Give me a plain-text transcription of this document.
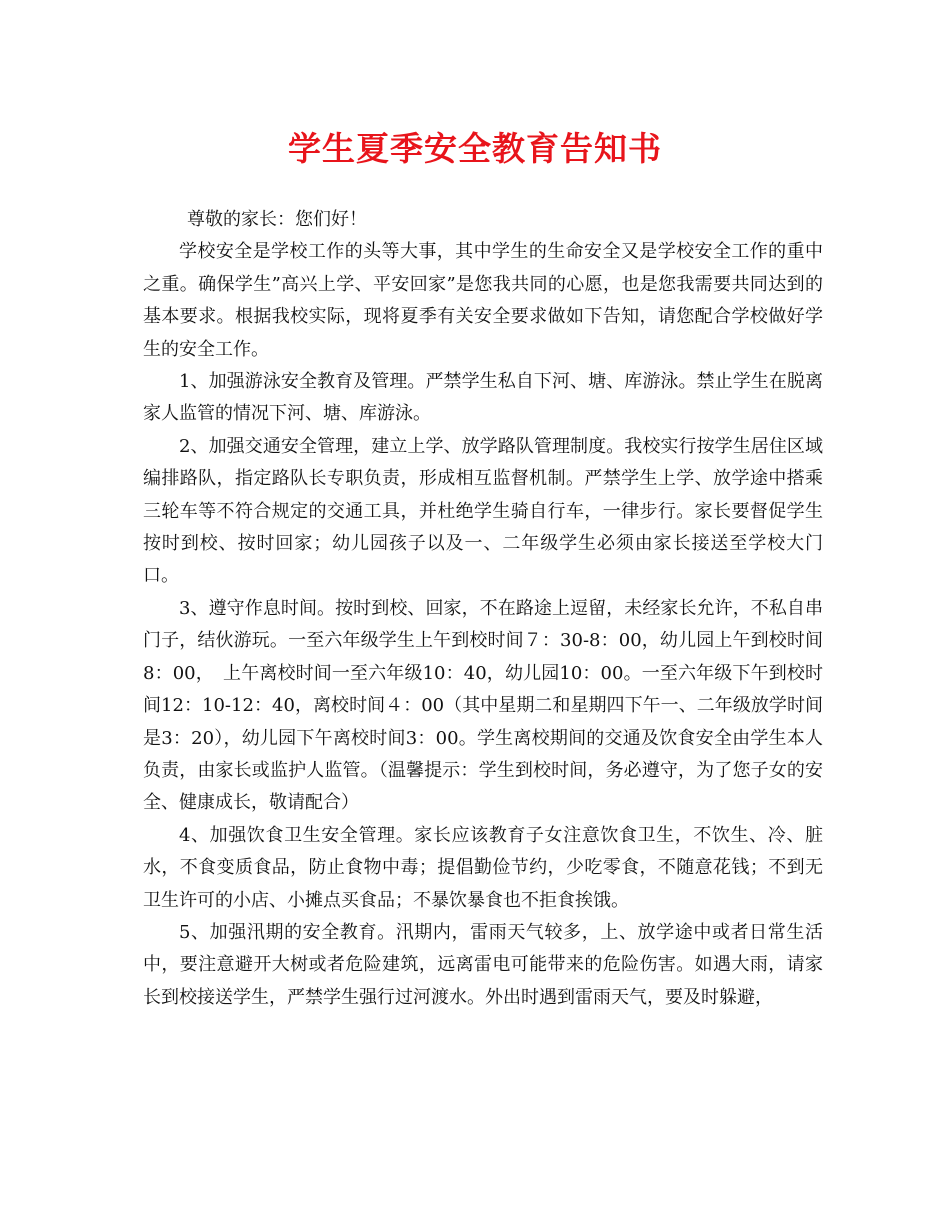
学生夏季安全教育告知书

尊敬的家长：您们好！

学校安全是学校工作的头等大事，其中学生的生命安全又是学校安全工作的重中之重。确保学生”高兴上学、平安回家”是您我共同的心愿，也是您我需要共同达到的基本要求。根据我校实际，现将夏季有关安全要求做如下告知，请您配合学校做好学生的安全工作。

1、加强游泳安全教育及管理。严禁学生私自下河、塘、库游泳。禁止学生在脱离家人监管的情况下河、塘、库游泳。

2、加强交通安全管理，建立上学、放学路队管理制度。我校实行按学生居住区域编排路队，指定路队长专职负责，形成相互监督机制。严禁学生上学、放学途中搭乘三轮车等不符合规定的交通工具，并杜绝学生骑自行车，一律步行。家长要督促学生按时到校、按时回家；幼儿园孩子以及一、二年级学生必须由家长接送至学校大门口。

3、遵守作息时间。按时到校、回家，不在路途上逗留，未经家长允许，不私自串门子，结伙游玩。一至六年级学生上午到校时间７：30-8：00，幼儿园上午到校时间8：00，　上午离校时间一至六年级10：40，幼儿园10：00。一至六年级下午到校时间12：10-12：40，离校时间４：00（其中星期二和星期四下午一、二年级放学时间是3：20），幼儿园下午离校时间3：00。学生离校期间的交通及饮食安全由学生本人负责，由家长或监护人监管。（温馨提示：学生到校时间，务必遵守，为了您子女的安全、健康成长，敬请配合）

4、加强饮食卫生安全管理。家长应该教育子女注意饮食卫生，不饮生、冷、脏水，不食变质食品，防止食物中毒；提倡勤俭节约，少吃零食，不随意花钱；不到无卫生许可的小店、小摊点买食品；不暴饮暴食也不拒食挨饿。

5、加强汛期的安全教育。汛期内，雷雨天气较多，上、放学途中或者日常生活中，要注意避开大树或者危险建筑，远离雷电可能带来的危险伤害。如遇大雨，请家长到校接送学生，严禁学生强行过河渡水。外出时遇到雷雨天气，要及时躲避，
